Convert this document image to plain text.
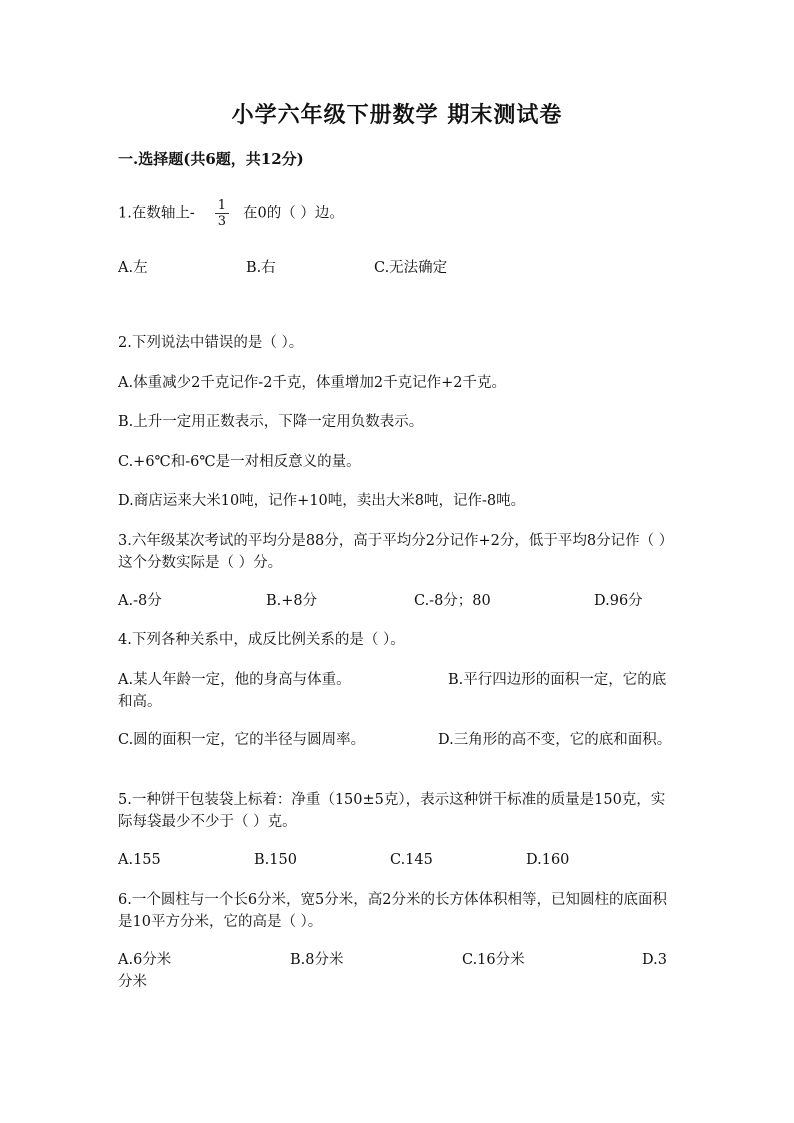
小学六年级下册数学 期末测试卷
一.选择题(共6题，共12分)
1.在数轴上- $\frac{1}{3}$ 在0的（ ）边。
A.左	B.右	C.无法确定
2.下列说法中错误的是（ ）。
A.体重减少2千克记作-2千克，体重增加2千克记作+2千克。
B.上升一定用正数表示，下降一定用负数表示。
C.+6℃和-6℃是一对相反意义的量。
D.商店运来大米10吨，记作+10吨，卖出大米8吨，记作-8吨。
3.六年级某次考试的平均分是88分，高于平均分2分记作+2分，低于平均8分记作（ ）这个分数实际是（ ）分。
A.-8分	B.+8分	C.-8分；80	D.96分
4.下列各种关系中，成反比例关系的是（ ）。
A.某人年龄一定，他的身高与体重。	B.平行四边形的面积一定，它的底和高。
C.圆的面积一定，它的半径与圆周率。	D.三角形的高不变，它的底和面积。
5.一种饼干包装袋上标着：净重（150±5克），表示这种饼干标准的质量是150克，实际每袋最少不少于（ ）克。
A.155	B.150	C.145	D.160
6.一个圆柱与一个长6分米，宽5分米，高2分米的长方体体积相等，已知圆柱的底面积是10平方分米，它的高是（ ）。
A.6分米	B.8分米	C.16分米	D.3分米
